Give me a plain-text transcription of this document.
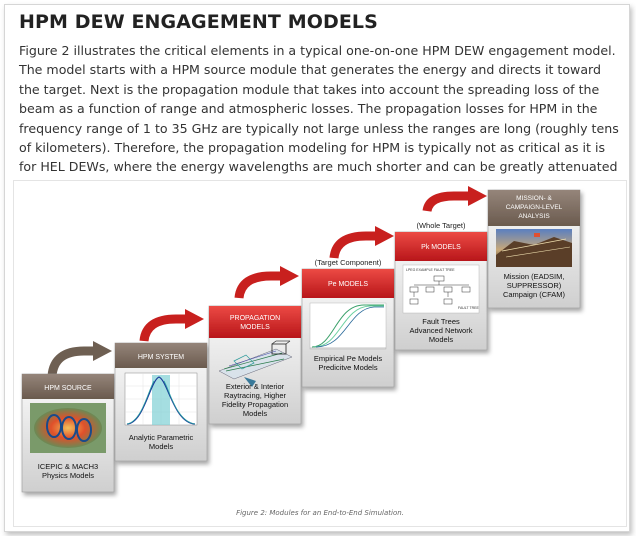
HPM DEW ENGAGEMENT MODELS

Figure 2 illustrates the critical elements in a typical one-on-one HPM DEW engagement model. The model starts with a HPM source module that generates the energy and directs it toward the target. Next is the propagation module that takes into account the spreading loss of the beam as a function of range and atmospheric losses. The propagation losses for HPM in the frequency range of 1 to 35 GHz are typically not large unless the ranges are long (roughly tens of kilometers). Therefore, the propagation modeling for HPM is typically not as critical as it is for HEL DEWs, where the energy wavelengths are much shorter and can be greatly attenuated

HPM SOURCE
ICEPIC & MACH3
Physics Models
HPM SYSTEM
Analytic Parametric
Models
PROPAGATION
MODELS
Exterior & Interior
Raytracing, Higher
Fidelity Propagation
Models
(Target Component)
Pe MODELS
Empirical Pe Models
Predicitve Models
(Whole Target)
Pk MODELS
LPEG EXAMPLE FAULT TREE
FAULT TREE
Fault Trees
Advanced Network
Models
MISSION- &
CAMPAIGN-LEVEL
ANALYSIS
Mission (EADSIM,
SUPPRESSOR)
Campaign (CFAM)
Figure 2: Modules for an End-to-End Simulation.
